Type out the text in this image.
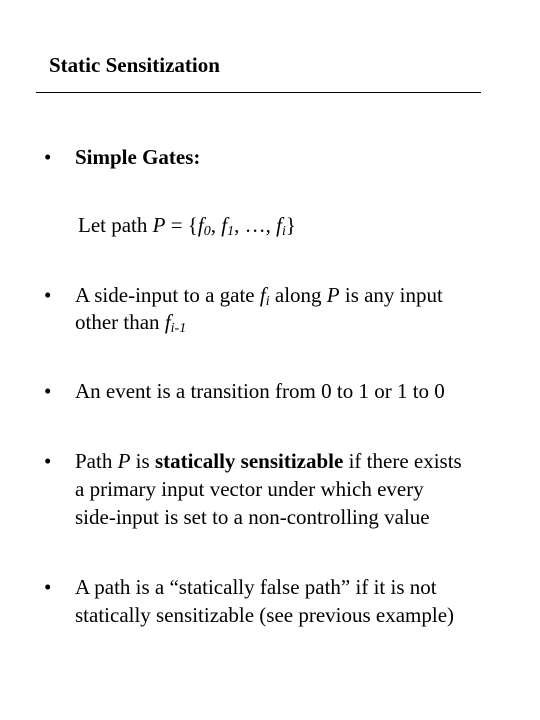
Static Sensitization
• Simple Gates:
Let path P = {f0, f1, …, fi}
• A side-input to a gate fi along P is any input
other than fi-1
• An event is a transition from 0 to 1 or 1 to 0
• Path P is statically sensitizable if there exists
a primary input vector under which every
side-input is set to a non-controlling value
• A path is a “statically false path” if it is not
statically sensitizable (see previous example)
